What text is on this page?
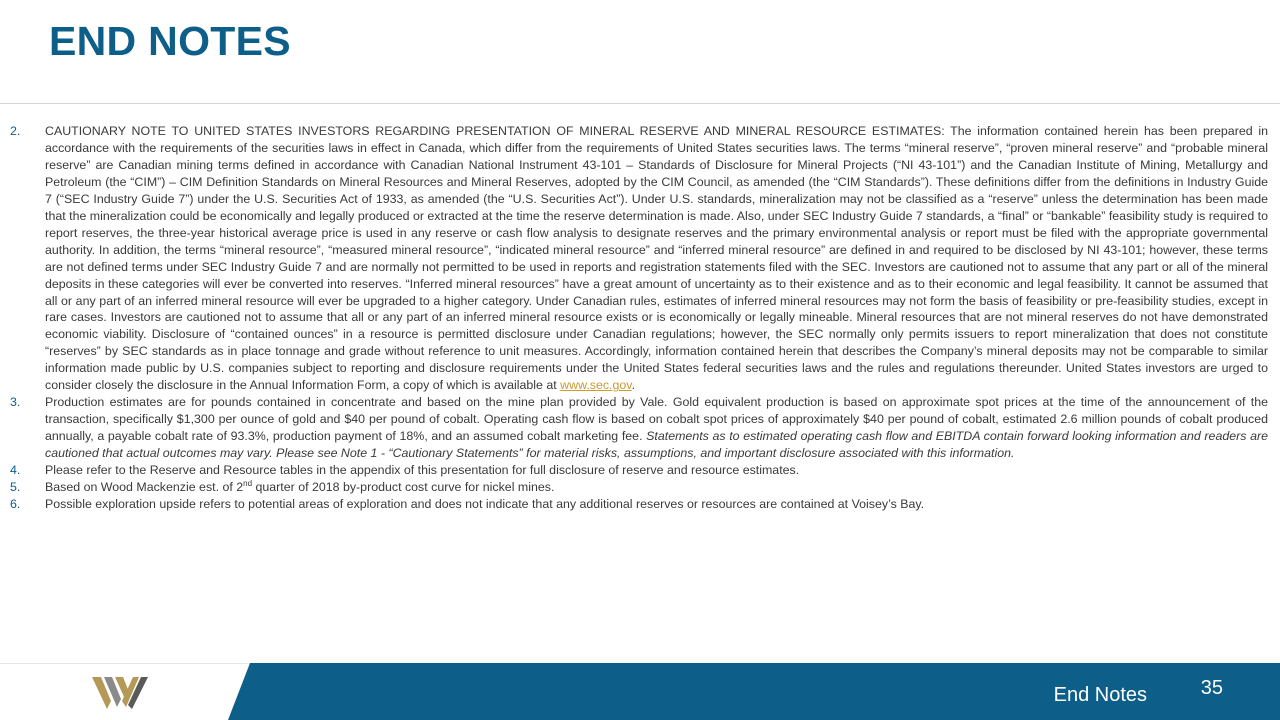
END NOTES
2. CAUTIONARY NOTE TO UNITED STATES INVESTORS REGARDING PRESENTATION OF MINERAL RESERVE AND MINERAL RESOURCE ESTIMATES: The information contained herein has been prepared in accordance with the requirements of the securities laws in effect in Canada, which differ from the requirements of United States securities laws. The terms “mineral reserve”, “proven mineral reserve” and “probable mineral reserve” are Canadian mining terms defined in accordance with Canadian National Instrument 43-101 – Standards of Disclosure for Mineral Projects (“NI 43-101”) and the Canadian Institute of Mining, Metallurgy and Petroleum (the “CIM”) – CIM Definition Standards on Mineral Resources and Mineral Reserves, adopted by the CIM Council, as amended (the “CIM Standards”). These definitions differ from the definitions in Industry Guide 7 (“SEC Industry Guide 7”) under the U.S. Securities Act of 1933, as amended (the “U.S. Securities Act”). Under U.S. standards, mineralization may not be classified as a “reserve” unless the determination has been made that the mineralization could be economically and legally produced or extracted at the time the reserve determination is made. Also, under SEC Industry Guide 7 standards, a “final” or “bankable” feasibility study is required to report reserves, the three-year historical average price is used in any reserve or cash flow analysis to designate reserves and the primary environmental analysis or report must be filed with the appropriate governmental authority. In addition, the terms “mineral resource”, “measured mineral resource”, “indicated mineral resource” and “inferred mineral resource” are defined in and required to be disclosed by NI 43-101; however, these terms are not defined terms under SEC Industry Guide 7 and are normally not permitted to be used in reports and registration statements filed with the SEC. Investors are cautioned not to assume that any part or all of the mineral deposits in these categories will ever be converted into reserves. “Inferred mineral resources” have a great amount of uncertainty as to their existence and as to their economic and legal feasibility. It cannot be assumed that all or any part of an inferred mineral resource will ever be upgraded to a higher category. Under Canadian rules, estimates of inferred mineral resources may not form the basis of feasibility or pre-feasibility studies, except in rare cases. Investors are cautioned not to assume that all or any part of an inferred mineral resource exists or is economically or legally mineable. Mineral resources that are not mineral reserves do not have demonstrated economic viability. Disclosure of “contained ounces” in a resource is permitted disclosure under Canadian regulations; however, the SEC normally only permits issuers to report mineralization that does not constitute “reserves” by SEC standards as in place tonnage and grade without reference to unit measures. Accordingly, information contained herein that describes the Company’s mineral deposits may not be comparable to similar information made public by U.S. companies subject to reporting and disclosure requirements under the United States federal securities laws and the rules and regulations thereunder. United States investors are urged to consider closely the disclosure in the Annual Information Form, a copy of which is available at www.sec.gov.
3. Production estimates are for pounds contained in concentrate and based on the mine plan provided by Vale. Gold equivalent production is based on approximate spot prices at the time of the announcement of the transaction, specifically $1,300 per ounce of gold and $40 per pound of cobalt. Operating cash flow is based on cobalt spot prices of approximately $40 per pound of cobalt, estimated 2.6 million pounds of cobalt produced annually, a payable cobalt rate of 93.3%, production payment of 18%, and an assumed cobalt marketing fee. Statements as to estimated operating cash flow and EBITDA contain forward looking information and readers are cautioned that actual outcomes may vary. Please see Note 1 - “Cautionary Statements” for material risks, assumptions, and important disclosure associated with this information.
4. Please refer to the Reserve and Resource tables in the appendix of this presentation for full disclosure of reserve and resource estimates.
5. Based on Wood Mackenzie est. of 2nd quarter of 2018 by-product cost curve for nickel mines.
6. Possible exploration upside refers to potential areas of exploration and does not indicate that any additional reserves or resources are contained at Voisey’s Bay.
End Notes	35
